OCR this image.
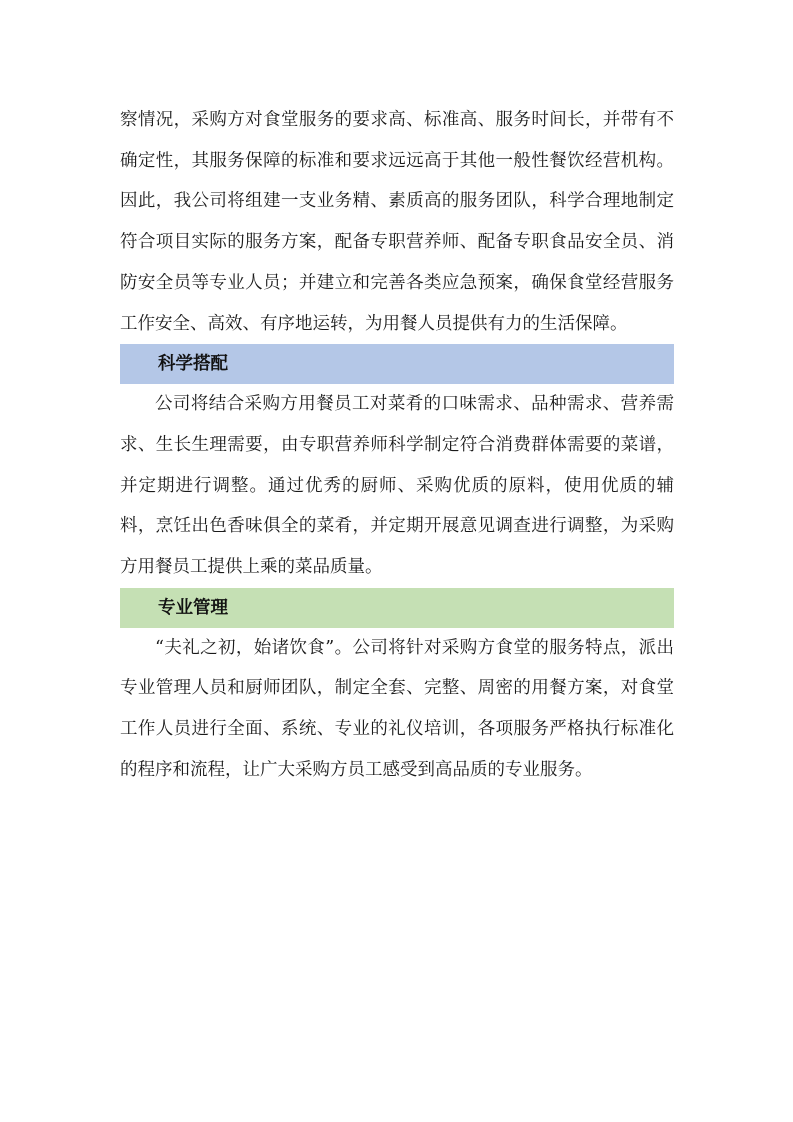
察情况，采购方对食堂服务的要求高、标准高、服务时间长，并带有不确定性，其服务保障的标准和要求远远高于其他一般性餐饮经营机构。因此，我公司将组建一支业务精、素质高的服务团队，科学合理地制定符合项目实际的服务方案，配备专职营养师、配备专职食品安全员、消防安全员等专业人员；并建立和完善各类应急预案，确保食堂经营服务工作安全、高效、有序地运转，为用餐人员提供有力的生活保障。

科学搭配

公司将结合采购方用餐员工对菜肴的口味需求、品种需求、营养需求、生长生理需要，由专职营养师科学制定符合消费群体需要的菜谱，并定期进行调整。通过优秀的厨师、采购优质的原料，使用优质的辅料，烹饪出色香味俱全的菜肴，并定期开展意见调查进行调整，为采购方用餐员工提供上乘的菜品质量。

专业管理

“夫礼之初，始诸饮食”。公司将针对采购方食堂的服务特点，派出专业管理人员和厨师团队，制定全套、完整、周密的用餐方案，对食堂工作人员进行全面、系统、专业的礼仪培训，各项服务严格执行标准化的程序和流程，让广大采购方员工感受到高品质的专业服务。
